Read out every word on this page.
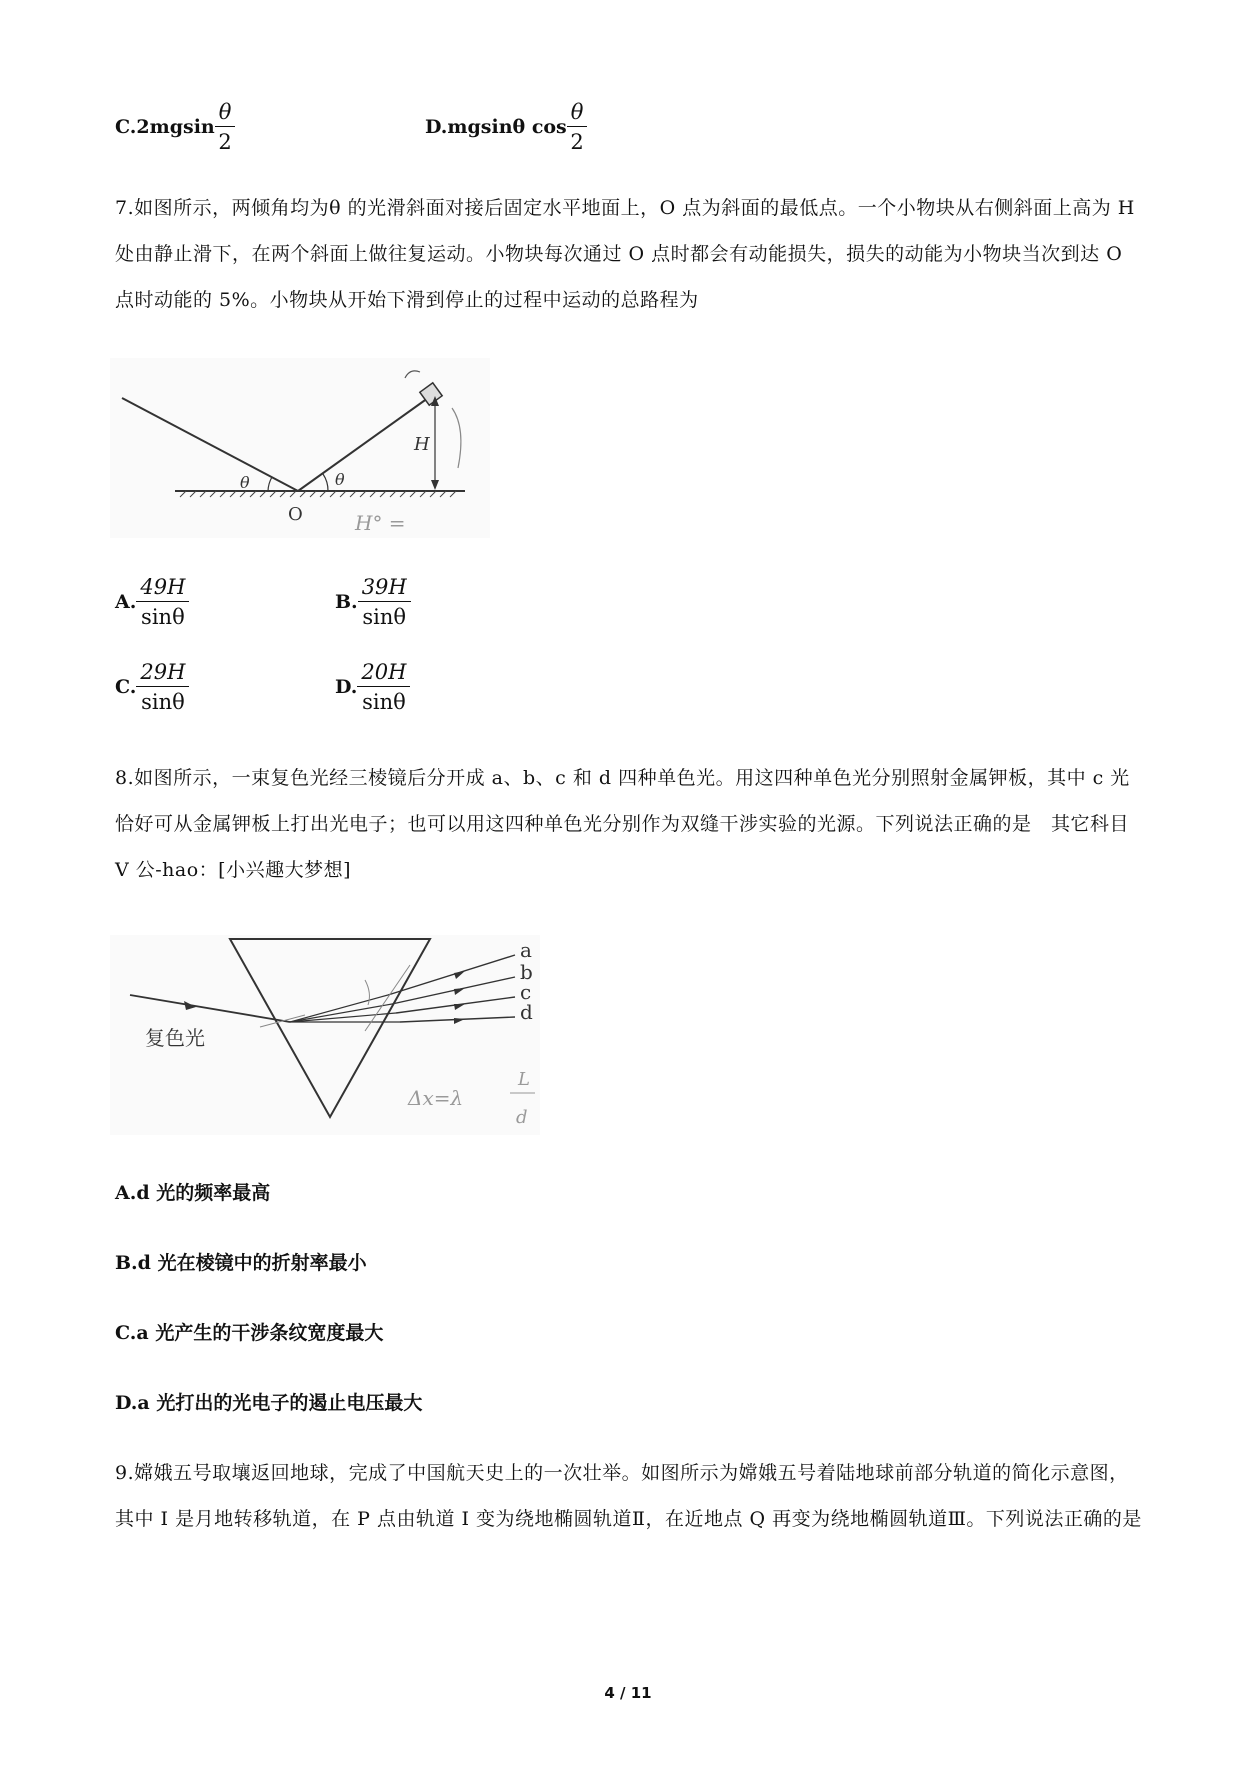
$C.2mgsin \frac{\theta}{2}$	D.mgsinθ $\cos \frac{\theta}{2}$
7.如图所示，两倾角均为θ 的光滑斜面对接后固定水平地面上，O 点为斜面的最低点。一个小物块从右侧斜面上高为 H 处由静止滑下，在两个斜面上做往复运动。小物块每次通过 O 点时都会有动能损失，损失的动能为小物块当次到达 O 点时动能的 5%。小物块从开始下滑到停止的过程中运动的总路程为
θ	θ
H
O	H° =
A. $\frac{49H}{\sin\theta}$	B. $\frac{39H}{\sin\theta}$
C. $\frac{29H}{\sin\theta}$	D. $\frac{20H}{\sin\theta}$
8.如图所示，一束复色光经三棱镜后分开成 a、b、c 和 d 四种单色光。用这四种单色光分别照射金属钾板，其中 c 光恰好可从金属钾板上打出光电子；也可以用这四种单色光分别作为双缝干涉实验的光源。下列说法正确的是　其它科目 V 公-hao：[小兴趣大梦想]
a
b
c
d
复色光
Δx=λ
L
d
A.d 光的频率最高
B.d 光在棱镜中的折射率最小
C.a 光产生的干涉条纹宽度最大
D.a 光打出的光电子的遏止电压最大
9.嫦娥五号取壤返回地球，完成了中国航天史上的一次壮举。如图所示为嫦娥五号着陆地球前部分轨道的简化示意图，其中 I 是月地转移轨道，在 P 点由轨道 I 变为绕地椭圆轨道Ⅱ，在近地点 Q 再变为绕地椭圆轨道Ⅲ。下列说法正确的是
4 / 11
